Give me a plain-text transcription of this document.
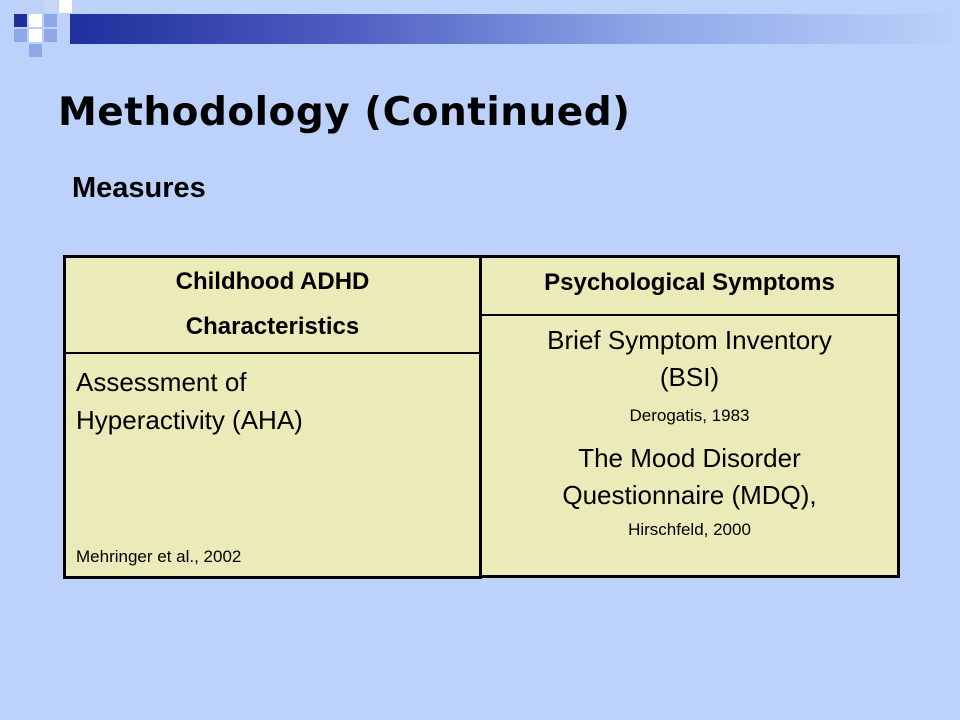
Methodology (Continued)
Measures
Childhood ADHD
Characteristics
Assessment of
Hyperactivity (AHA)
Mehringer et al., 2002
Psychological Symptoms
Brief Symptom Inventory
(BSI)
Derogatis, 1983
The Mood Disorder
Questionnaire (MDQ),
Hirschfeld, 2000
